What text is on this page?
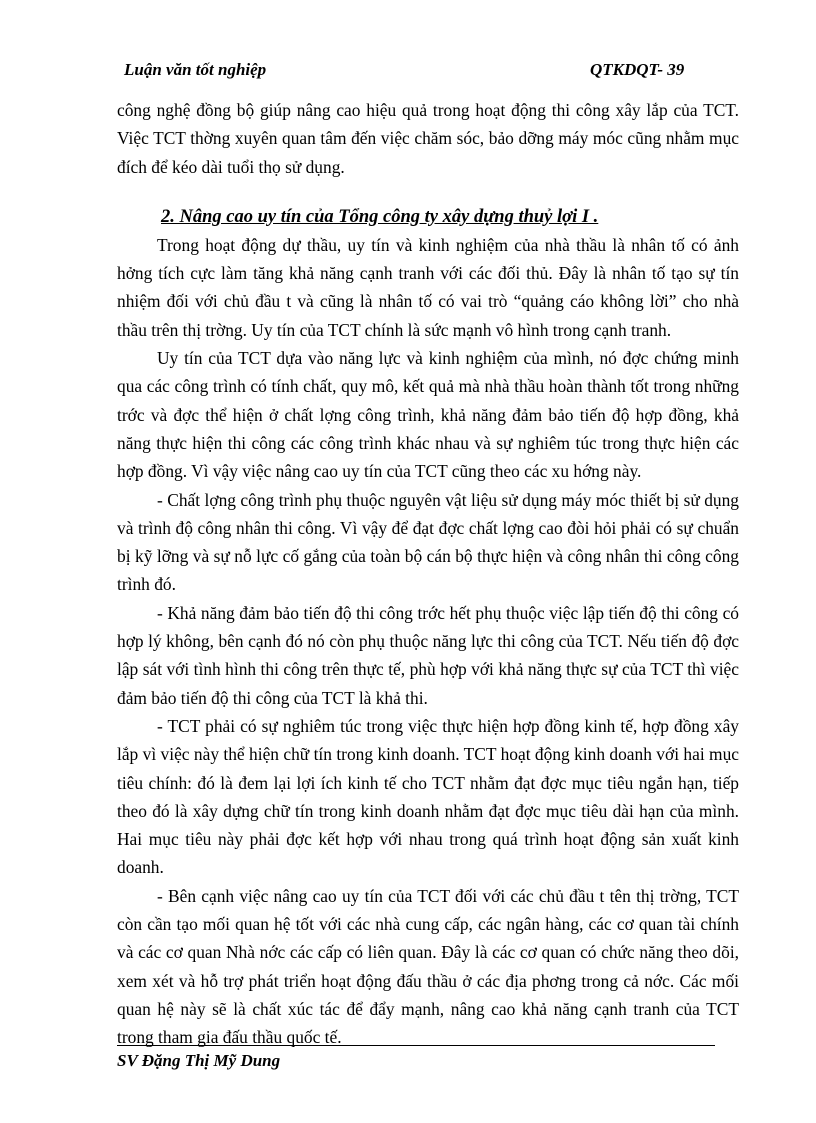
Luận văn tốt nghiệp	QTKDQT- 39

công nghệ đồng bộ giúp nâng cao hiệu quả trong hoạt động thi công xây lắp của TCT. Việc TCT thờng xuyên quan tâm đến việc chăm sóc, bảo dỡng máy móc cũng nhằm mục đích để kéo dài tuổi thọ sử dụng.

2. Nâng cao uy tín của Tổng công ty xây dựng thuỷ lợi I .

Trong hoạt động dự thầu, uy tín và kinh nghiệm của nhà thầu là nhân tố có ảnh hởng tích cực làm tăng khả năng cạnh tranh với các đối thủ. Đây là nhân tố tạo sự tín nhiệm đối với chủ đầu t và cũng là nhân tố có vai trò “quảng cáo không lời” cho nhà thầu trên thị trờng. Uy tín của TCT chính là sức mạnh vô hình trong cạnh tranh.

Uy tín của TCT dựa vào năng lực và kinh nghiệm của mình, nó đợc chứng minh qua các công trình có tính chất, quy mô, kết quả mà nhà thầu hoàn thành tốt trong những trớc và đợc thể hiện ở chất lợng công trình, khả năng đảm bảo tiến độ hợp đồng, khả năng thực hiện thi công các công trình khác nhau và sự nghiêm túc trong thực hiện các hợp đồng. Vì vậy việc nâng cao uy tín của TCT cũng theo các xu hớng này.

- Chất lợng công trình phụ thuộc nguyên vật liệu sử dụng máy móc thiết bị sử dụng và trình độ công nhân thi công. Vì vậy để đạt đợc chất lợng cao đòi hỏi phải có sự chuẩn bị kỹ lỡng và sự nỗ lực cố gắng của toàn bộ cán bộ thực hiện và công nhân thi công công trình đó.

- Khả năng đảm bảo tiến độ thi công trớc hết phụ thuộc việc lập tiến độ thi công có hợp lý không, bên cạnh đó nó còn phụ thuộc năng lực thi công của TCT. Nếu tiến độ đợc lập sát với tình hình thi công trên thực tế, phù hợp với khả năng thực sự của TCT thì việc đảm bảo tiến độ thi công của TCT là khả thi.

- TCT phải có sự nghiêm túc trong việc thực hiện hợp đồng kinh tế, hợp đồng xây lắp vì việc này thể hiện chữ tín trong kinh doanh. TCT hoạt động kinh doanh với hai mục tiêu chính: đó là đem lại lợi ích kinh tế cho TCT nhằm đạt đợc mục tiêu ngắn hạn, tiếp theo đó là xây dựng chữ tín trong kinh doanh nhằm đạt đợc mục tiêu dài hạn của mình. Hai mục tiêu này phải đợc kết hợp với nhau trong quá trình hoạt động sản xuất kinh doanh.

- Bên cạnh việc nâng cao uy tín của TCT đối với các chủ đầu t tên thị trờng, TCT còn cần tạo mối quan hệ tốt với các nhà cung cấp, các ngân hàng, các cơ quan tài chính và các cơ quan Nhà nớc các cấp có liên quan. Đây là các cơ quan có chức năng theo dõi, xem xét và hỗ trợ phát triển hoạt động đấu thầu ở các địa phơng trong cả nớc. Các mối quan hệ này sẽ là chất xúc tác để đẩy mạnh, nâng cao khả năng cạnh tranh của TCT trong tham gia đấu thầu quốc tế.

SV Đặng Thị Mỹ Dung
